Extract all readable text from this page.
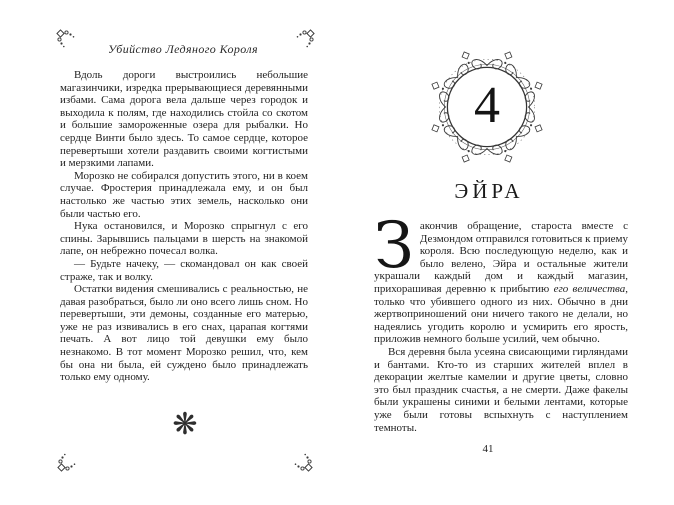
Убийство Ледяного Короля

Вдоль дороги выстроились небольшие магазинчики, изредка прерывающиеся деревянными избами. Сама дорога вела дальше через городок и выходила к полям, где находились стойла со скотом и большие замороженные озера для рыбалки. Но сердце Винти было здесь. То самое сердце, которое перевертыши хотели раздавить своими когтистыми и мерзкими лапами.

Морозко не собирался допустить этого, ни в коем случае. Фростерия принадлежала ему, и он был настолько же частью этих земель, насколько они были частью его.

Нука остановился, и Морозко спрыгнул с его спины. Зарывшись пальцами в шерсть на знакомой лапе, он небрежно почесал волка.

— Будьте начеку, — скомандовал он как своей страже, так и волку.

Остатки видения смешивались с реальностью, не давая разобраться, было ли оно всего лишь сном. Но перевертыши, эти демоны, созданные его матерью, уже не раз извивались в его снах, царапая когтями печать. А вот лицо той девушки ему было незнакомо. В тот момент Морозко решил, что, кем бы она ни была, ей суждено было принадлежать только ему одному.

❋
4
ЭЙРА

Закончив обращение, староста вместе с Дезмондом отправился готовиться к приему короля. Всю последующую неделю, как и было велено, Эйра и остальные жители украшали каждый дом и каждый магазин, прихорашивая деревню к прибытию его величества, только что убившего одного из них. Обычно в дни жертвоприношений они ничего такого не делали, но надеялись угодить королю и усмирить его ярость, приложив немного больше усилий, чем обычно.

Вся деревня была усеяна свисающими гирляндами и бантами. Кто-то из старших жителей вплел в декорации желтые камелии и другие цветы, словно это был праздник счастья, а не смерти. Даже факелы были украшены синими и белыми лентами, которые уже были готовы вспыхнуть с наступлением темноты.

41
